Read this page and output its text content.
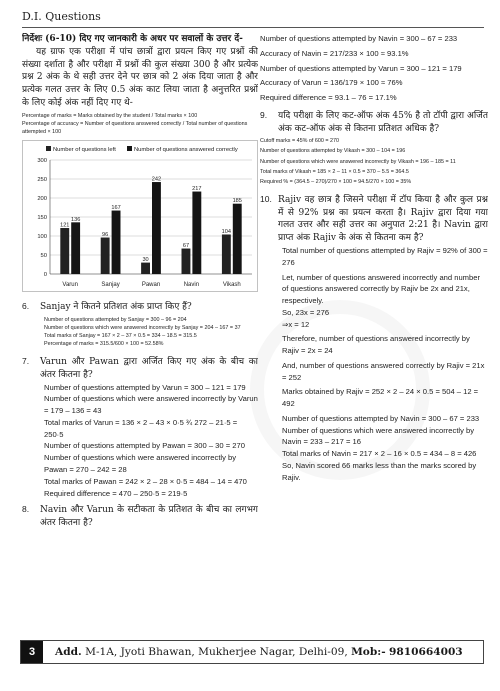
D.I. Questions
निर्देशः (6-10) दिए गए जानकारी के अधर पर सवालों के उत्तर दें-
यह ग्राफ एक परीक्षा में पांच छात्रों द्वारा प्रयत्न किए गए प्रश्नों की संख्या दर्शाता है और परीक्षा में प्रश्नों की कुल संख्या 300 है और प्रत्येक प्रश्न 2 अंक के थे सही उत्तर देने पर छात्र को 2 अंक दिया जाता है और प्रत्येक गलत उत्तर के लिए 0.5 अंक काट लिया जाता है अनुत्तरित प्रश्नों के लिए कोई अंक नहीं दिए गए थे-
Percentage of marks = Marks obtained by the student / Total marks × 100
Percentage of accuracy = Number of questions answered correctly / Total number of questions attempted × 100
Number of questions left	Number of questions answered correctly
0
50
100
150
200
250
300
121
136
Varun
96
167
Sanjay
30
242
Pawan
67
217
Navin
104
185
Vikash
6.	Sanjay ने कितने प्रतिशत अंक प्राप्त किए हैं?
Number of questions attempted by Sanjay = 300 – 96 = 204
Number of questions which were answered incorrectly by Sanjay = 204 – 167 = 37
Total marks of Sanjay = 167 × 2 – 37 × 0.5 = 334 – 18.5 = 315.5
Percentage of marks = 315.5/600 × 100 = 52.58%
7.	Varun और Pawan द्वारा अर्जित किए गए अंक के बीच का अंतर कितना है?
Number of questions attempted by Varun = 300 – 121 = 179
Number of questions which were answered incorrectly by Varun = 179 – 136 = 43
Total marks of Varun = 136 × 2 – 43 × 0·5 ¾ 272 – 21·5 = 250·5
Number of questions attempted by Pawan = 300 – 30 = 270
Number of questions which were answered incorrectly by Pawan = 270 – 242 = 28
Total marks of Pawan = 242 × 2 – 28 × 0·5 = 484 – 14 = 470
Required difference = 470 – 250·5 = 219·5
8.	Navin और Varun के सटीकता के प्रतिशत के बीच का लगभग अंतर कितना है?
Number of questions attempted by Navin = 300 – 67 = 233
Accuracy of Navin = 217/233 × 100 ≈ 93.1%
Number of questions attempted by Varun = 300 – 121 = 179
Accuracy of Varun = 136/179 × 100 ≈ 76%
Required difference = 93.1 – 76 = 17.1%
9.	यदि परीक्षा के लिए कट-ऑफ अंक 45% है तो टॉपी द्वारा अर्जित अंक कट-ऑफ अंक से कितना प्रतिशत अधिक है?
Cutoff marks = 45% of 600 = 270
Number of questions attempted by Vikash = 300 – 104 = 196
Number of questions which were answered incorrectly by Vikash = 196 – 185 = 11
Total marks of Vikash = 185 × 2 – 11 × 0.5 = 370 – 5.5 = 364.5
Required % = (364.5 – 270)/270 × 100 = 94.5/270 × 100 = 35%
10. Rajiv वह छात्र है जिसने परीक्षा में टॉप किया है और कुल प्रश्न में से 92% प्रश्न का प्रयत्न करता है। Rajiv द्वारा दिया गया गलत उत्तर और सही उत्तर का अनुपात 2:21 है। Navin द्वारा प्राप्त अंक Rajiv के अंक से कितना कम है?
Total number of questions attempted by Rajiv = 92% of 300 = 276
Let, number of questions answered incorrectly and number of questions answered correctly by Rajiv be 2x and 21x, respectively.
So, 23x = 276
⇒x = 12
Therefore, number of questions answered incorrectly by Rajiv = 2x = 24
And, number of questions answered correctly by Rajiv = 21x = 252
Marks obtained by Rajiv = 252 × 2 – 24 × 0.5 = 504 – 12 = 492
Number of questions attempted by Navin = 300 – 67 = 233
Number of questions which were answered incorrectly by Navin = 233 – 217 = 16
Total marks of Navin = 217 × 2 – 16 × 0.5 = 434 – 8 = 426
So, Navin scored 66 marks less than the marks scored by Rajiv.
3	Add. M-1A, Jyoti Bhawan, Mukherjee Nagar, Delhi-09, Mob:- 9810664003
